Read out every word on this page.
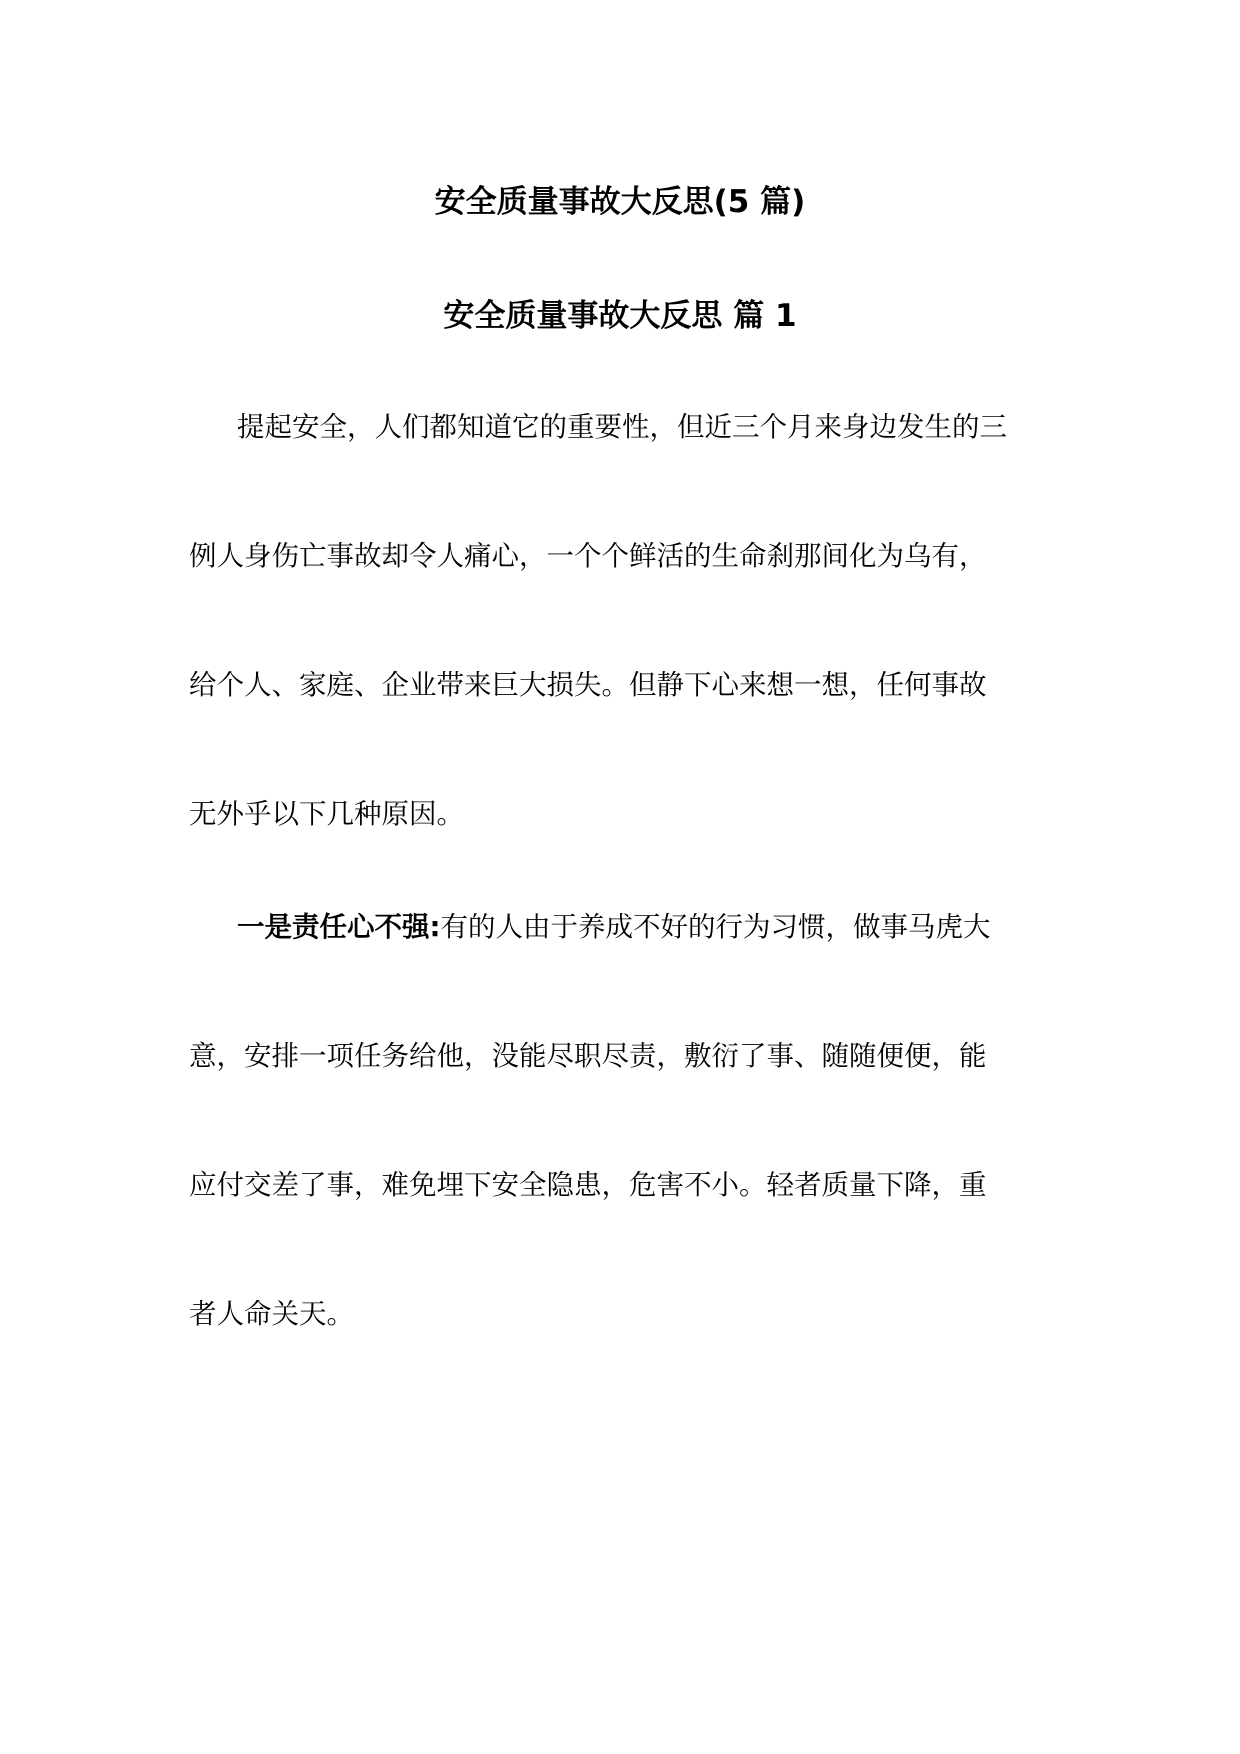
安全质量事故大反思(5 篇)
安全质量事故大反思 篇 1
提起安全，人们都知道它的重要性，但近三个月来身边发生的三
例人身伤亡事故却令人痛心，一个个鲜活的生命刹那间化为乌有，
给个人、家庭、企业带来巨大损失。但静下心来想一想，任何事故
无外乎以下几种原因。
一是责任心不强:有的人由于养成不好的行为习惯，做事马虎大
意，安排一项任务给他，没能尽职尽责，敷衍了事、随随便便，能
应付交差了事，难免埋下安全隐患，危害不小。轻者质量下降，重
者人命关天。
